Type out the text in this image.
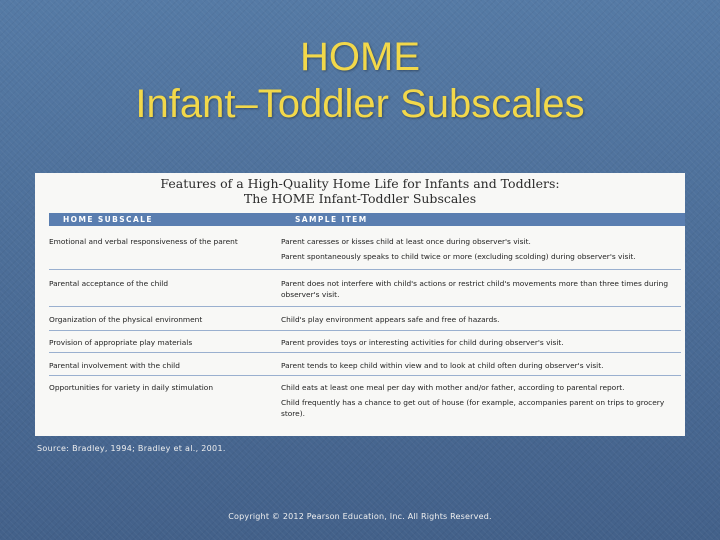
HOME
Infant–Toddler Subscales
Features of a High-Quality Home Life for Infants and Toddlers:
The HOME Infant-Toddler Subscales
HOME SUBSCALE	SAMPLE ITEM
Emotional and verbal responsiveness of the parent	Parent caresses or kisses child at least once during observer's visit.

Parent spontaneously speaks to child twice or more (excluding scolding) during observer's visit.

Parental acceptance of the child	Parent does not interfere with child's actions or restrict child's movements more than three times during observer's visit.

Organization of the physical environment	Child's play environment appears safe and free of hazards.

Provision of appropriate play materials	Parent provides toys or interesting activities for child during observer's visit.

Parental involvement with the child	Parent tends to keep child within view and to look at child often during observer's visit.

Opportunities for variety in daily stimulation	Child eats at least one meal per day with mother and/or father, according to parental report.

Child frequently has a chance to get out of house (for example, accompanies parent on trips to grocery store).

Source: Bradley, 1994; Bradley et al., 2001.
Copyright © 2012 Pearson Education, Inc. All Rights Reserved.
